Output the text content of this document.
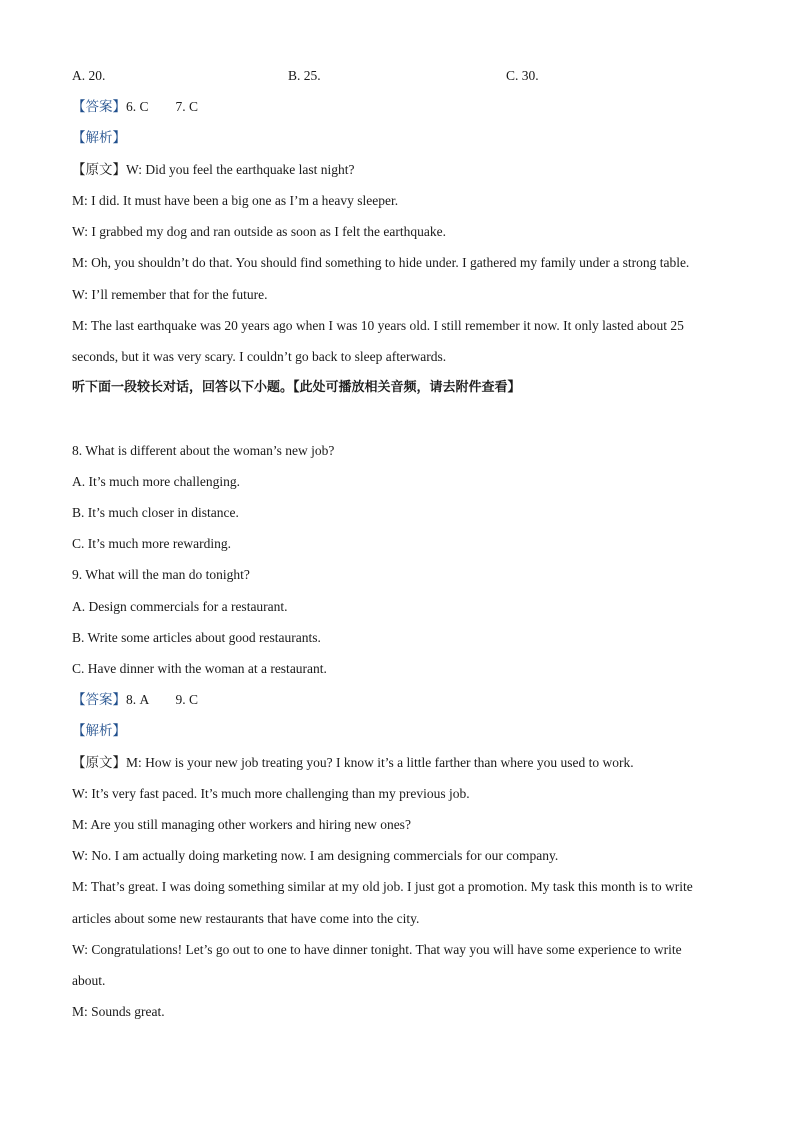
A. 20.	B. 25.	C. 30.
【答案】6. C　　7. C
【解析】
【原文】W: Did you feel the earthquake last night?
M: I did. It must have been a big one as I’m a heavy sleeper.
W: I grabbed my dog and ran outside as soon as I felt the earthquake.
M: Oh, you shouldn’t do that. You should find something to hide under. I gathered my family under a strong table.
W: I’ll remember that for the future.
M: The last earthquake was 20 years ago when I was 10 years old. I still remember it now. It only lasted about 25
seconds, but it was very scary. I couldn’t go back to sleep afterwards.
听下面一段较长对话，回答以下小题。【此处可播放相关音频，请去附件查看】
8. What is different about the woman’s new job?
A. It’s much more challenging.
B. It’s much closer in distance.
C. It’s much more rewarding.
9. What will the man do tonight?
A. Design commercials for a restaurant.
B. Write some articles about good restaurants.
C. Have dinner with the woman at a restaurant.
【答案】8. A　　9. C
【解析】
【原文】M: How is your new job treating you? I know it’s a little farther than where you used to work.
W: It’s very fast paced. It’s much more challenging than my previous job.
M: Are you still managing other workers and hiring new ones?
W: No. I am actually doing marketing now. I am designing commercials for our company.
M: That’s great. I was doing something similar at my old job. I just got a promotion. My task this month is to write
articles about some new restaurants that have come into the city.
W: Congratulations! Let’s go out to one to have dinner tonight. That way you will have some experience to write
about.
M: Sounds great.
